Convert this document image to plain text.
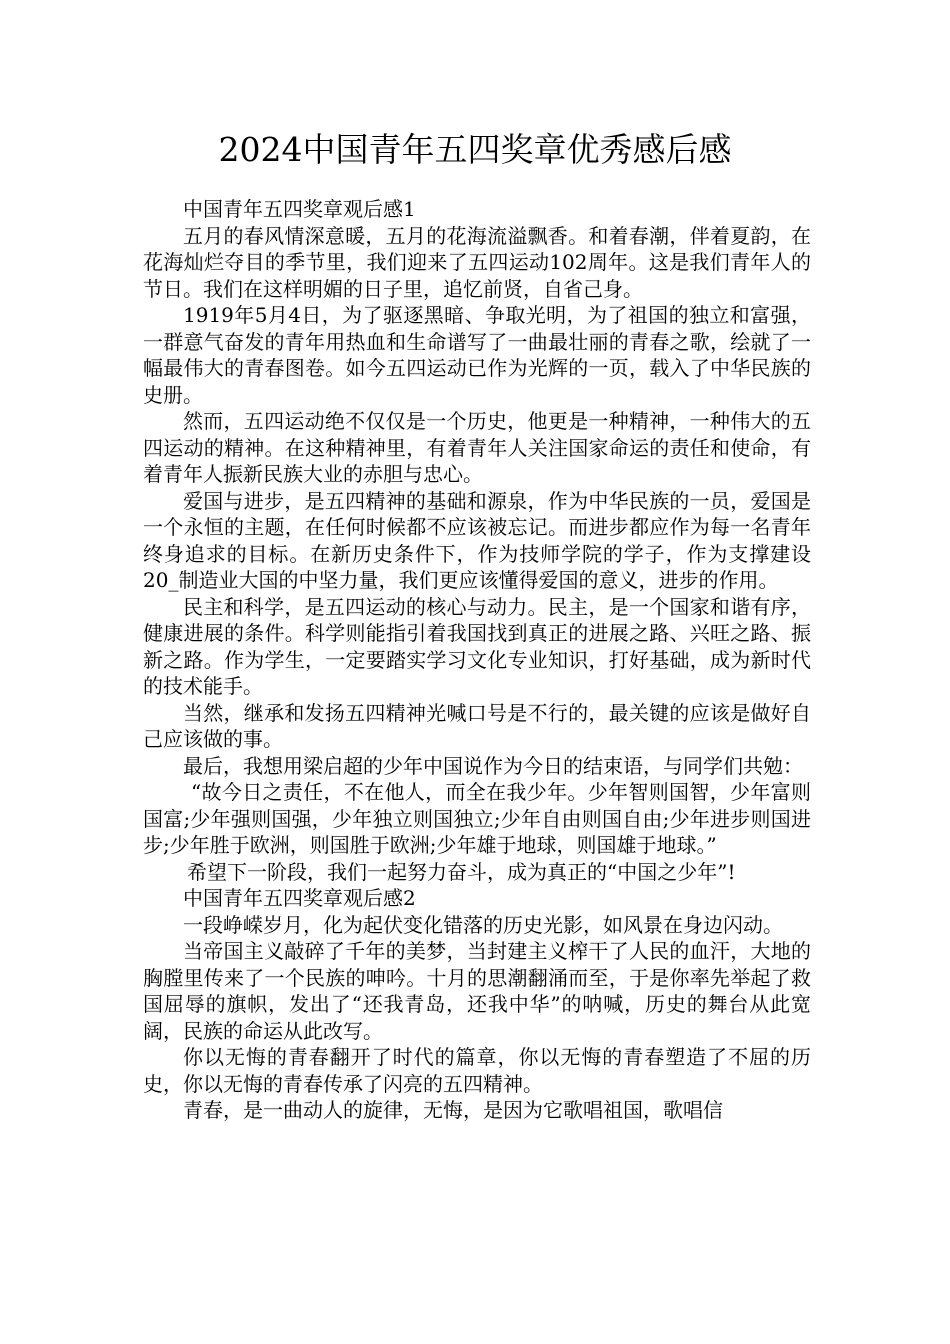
2024中国青年五四奖章优秀感后感

中国青年五四奖章观后感1

五月的春风情深意暖，五月的花海流溢飘香。和着春潮，伴着夏韵，在花海灿烂夺目的季节里，我们迎来了五四运动102周年。这是我们青年人的节日。我们在这样明媚的日子里，追忆前贤，自省己身。

1919年5月4日，为了驱逐黑暗、争取光明，为了祖国的独立和富强，一群意气奋发的青年用热血和生命谱写了一曲最壮丽的青春之歌，绘就了一幅最伟大的青春图卷。如今五四运动已作为光辉的一页，载入了中华民族的史册。

然而，五四运动绝不仅仅是一个历史，他更是一种精神，一种伟大的五四运动的精神。在这种精神里，有着青年人关注国家命运的责任和使命，有着青年人振新民族大业的赤胆与忠心。

爱国与进步，是五四精神的基础和源泉，作为中华民族的一员，爱国是一个永恒的主题，在任何时候都不应该被忘记。而进步都应作为每一名青年终身追求的目标。在新历史条件下，作为技师学院的学子，作为支撑建设20_制造业大国的中坚力量，我们更应该懂得爱国的意义，进步的作用。

民主和科学，是五四运动的核心与动力。民主，是一个国家和谐有序，健康进展的条件。科学则能指引着我国找到真正的进展之路、兴旺之路、振新之路。作为学生，一定要踏实学习文化专业知识，打好基础，成为新时代的技术能手。

当然，继承和发扬五四精神光喊口号是不行的，最关键的应该是做好自己应该做的事。

最后，我想用梁启超的少年中国说作为今日的结束语，与同学们共勉：

“故今日之责任，不在他人，而全在我少年。少年智则国智，少年富则国富;少年强则国强，少年独立则国独立;少年自由则国自由;少年进步则国进步;少年胜于欧洲，则国胜于欧洲;少年雄于地球，则国雄于地球。”

希望下一阶段，我们一起努力奋斗，成为真正的“中国之少年”!

中国青年五四奖章观后感2

一段峥嵘岁月，化为起伏变化错落的历史光影，如风景在身边闪动。

当帝国主义敲碎了千年的美梦，当封建主义榨干了人民的血汗，大地的胸膛里传来了一个民族的呻吟。十月的思潮翻涌而至，于是你率先举起了救国屈辱的旗帜，发出了“还我青岛，还我中华”的呐喊，历史的舞台从此宽阔，民族的命运从此改写。

你以无悔的青春翻开了时代的篇章，你以无悔的青春塑造了不屈的历史，你以无悔的青春传承了闪亮的五四精神。

青春，是一曲动人的旋律，无悔，是因为它歌唱祖国，歌唱信
